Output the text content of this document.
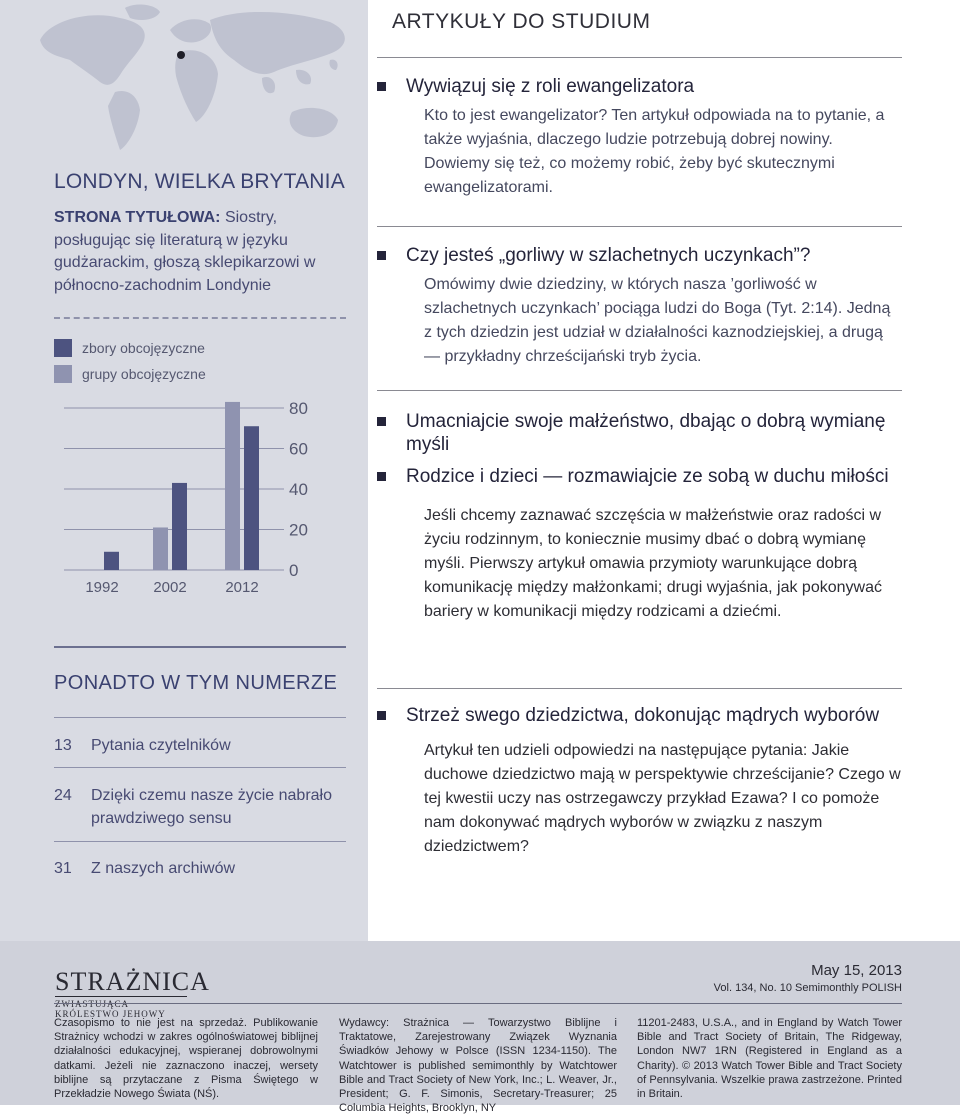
LONDYN, WIELKA BRYTANIA
STRONA TYTUŁOWA: Siostry, posługując się literaturą w języku gudżarackim, głoszą sklepikarzowi w północno-zachodnim Londynie
zbory obcojęzyczne
grupy obcojęzyczne
0
20
40
60
80
1992 2002	2012
PONADTO W TYM NUMERZE
13	Pytania czytelników
24	Dzięki czemu nasze życie nabrało prawdziwego sensu
31	Z naszych archiwów
ARTYKUŁY DO STUDIUM
Wywiązuj się z roli ewangelizatora
Kto to jest ewangelizator? Ten artykuł odpowiada na to pytanie, a także wyjaśnia, dlaczego ludzie potrzebują dobrej nowiny. Dowiemy się też, co możemy robić, żeby być skutecznymi ewangelizatorami.
Czy jesteś „gorliwy w szlachetnych uczynkach”?
Omówimy dwie dziedziny, w których nasza ’gorliwość w szlachetnych uczynkach’ pociąga ludzi do Boga (Tyt. 2:14). Jedną z tych dziedzin jest udział w działalności kaznodziejskiej, a drugą — przykładny chrześcijański tryb życia.
Umacniajcie swoje małżeństwo, dbając o dobrą wymianę myśli
Rodzice i dzieci — rozmawiajcie ze sobą w duchu miłości
Jeśli chcemy zaznawać szczęścia w małżeństwie oraz radości w życiu rodzinnym, to koniecznie musimy dbać o dobrą wymianę myśli. Pierwszy artykuł omawia przymioty warunkujące dobrą komunikację między małżonkami; drugi wyjaśnia, jak pokonywać bariery w komunikacji między rodzicami a dziećmi.
Strzeż swego dziedzictwa, dokonując mądrych wyborów
Artykuł ten udzieli odpowiedzi na następujące pytania: Jakie duchowe dziedzictwo mają w perspektywie chrześcijanie? Czego w tej kwestii uczy nas ostrzegawczy przykład Ezawa? I co pomoże nam dokonywać mądrych wyborów w związku z naszym dziedzictwem?
STRAŻNICA
ZWIASTUJĄCA KRÓLESTWO JEHOWY
May 15, 2013
Vol. 134, No. 10 Semimonthly POLISH
Czasopismo to nie jest na sprzedaż. Publikowanie Strażnicy wchodzi w zakres ogólnoświatowej biblijnej działalności edukacyjnej, wspieranej dobrowolnymi datkami. Jeżeli nie zaznaczono inaczej, wersety biblijne są przytaczane z Pisma Świętego w Przekładzie Nowego Świata (NŚ).
Wydawcy: Strażnica — Towarzystwo Biblijne i Traktatowe, Zarejestrowany Związek Wyznania Świadków Jehowy w Polsce (ISSN 1234-1150). The Watchtower is published semimonthly by Watchtower Bible and Tract Society of New York, Inc.; L. Weaver, Jr., President; G. F. Simonis, Secretary-Treasurer; 25 Columbia Heights, Brooklyn, NY
11201-2483, U.S.A., and in England by Watch Tower Bible and Tract Society of Britain, The Ridgeway, London NW7 1RN (Registered in England as a Charity). © 2013 Watch Tower Bible and Tract Society of Pennsylvania. Wszelkie prawa zastrzeżone. Printed in Britain.
